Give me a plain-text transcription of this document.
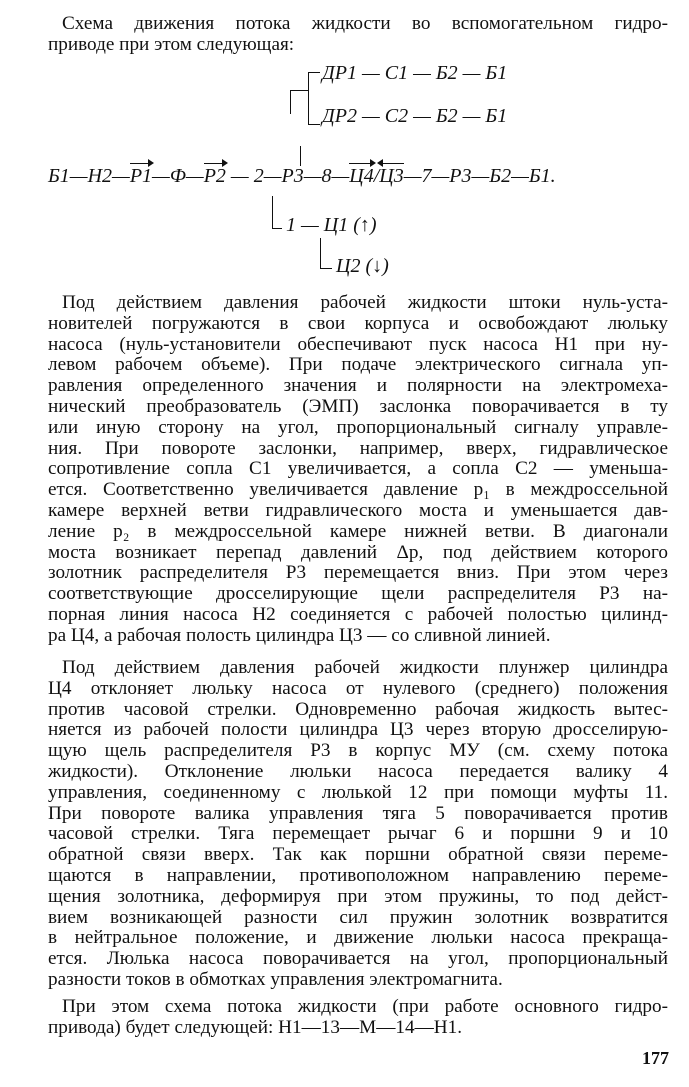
Схема движения потока жидкости во вспомогательном гидро-
приводе при этом следующая:
ДР1 — С1 — Б2 — Б1
ДР2 — С2 — Б2 — Б1
Б1—Н2—Р1—Ф—Р2 — 2—Р3—8—Ц4/Ц3—7—Р3—Б2—Б1.
1 — Ц1 (↑)
Ц2 (↓)
Под действием давления рабочей жидкости штоки нуль-уста-
новителей погружаются в свои корпуса и освобождают люльку
насоса (нуль-установители обеспечивают пуск насоса Н1 при ну-
левом рабочем объеме). При подаче электрического сигнала уп-
равления определенного значения и полярности на электромеха-
нический преобразователь (ЭМП) заслонка поворачивается в ту
или иную сторону на угол, пропорциональный сигналу управле-
ния. При повороте заслонки, например, вверх, гидравлическое
сопротивление сопла С1 увеличивается, а сопла С2 — уменьша-
ется. Соответственно увеличивается давление p₁ в междроссельной
камере верхней ветви гидравлического моста и уменьшается дав-
ление p₂ в междроссельной камере нижней ветви. В диагонали
моста возникает перепад давлений Δp, под действием которого
золотник распределителя Р3 перемещается вниз. При этом через
соответствующие дросселирующие щели распределителя Р3 на-
порная линия насоса Н2 соединяется с рабочей полостью цилинд-
ра Ц4, а рабочая полость цилиндра Ц3 — со сливной линией.
Под действием давления рабочей жидкости плунжер цилиндра
Ц4 отклоняет люльку насоса от нулевого (среднего) положения
против часовой стрелки. Одновременно рабочая жидкость вытес-
няется из рабочей полости цилиндра Ц3 через вторую дросселирую-
щую щель распределителя Р3 в корпус МУ (см. схему потока
жидкости). Отклонение люльки насоса передается валику 4
управления, соединенному с люлькой 12 при помощи муфты 11.
При повороте валика управления тяга 5 поворачивается против
часовой стрелки. Тяга перемещает рычаг 6 и поршни 9 и 10
обратной связи вверх. Так как поршни обратной связи переме-
щаются в направлении, противоположном направлению переме-
щения золотника, деформируя при этом пружины, то под дейст-
вием возникающей разности сил пружин золотник возвратится
в нейтральное положение, и движение люльки насоса прекраща-
ется. Люлька насоса поворачивается на угол, пропорциональный
разности токов в обмотках управления электромагнита.
При этом схема потока жидкости (при работе основного гидро-
привода) будет следующей: Н1—13—М—14—Н1.
177
